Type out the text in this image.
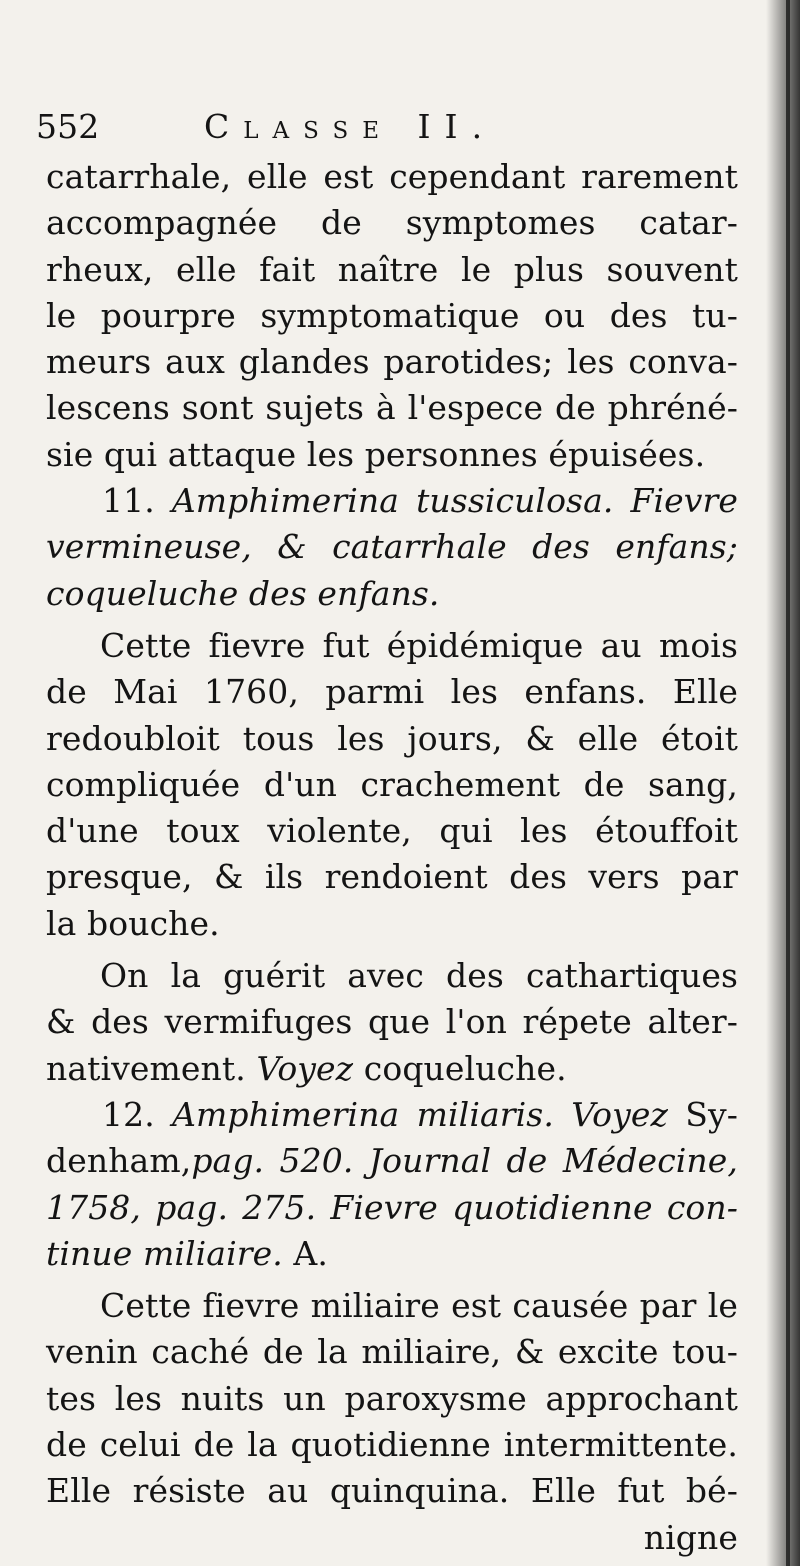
552	Classe II.
catarrhale, elle est cependant rarement
accompagnée de symptomes catar-
rheux, elle fait naître le plus souvent
le pourpre symptomatique ou des tu-
meurs aux glandes parotides; les conva-
lescens sont sujets à l'espece de phréné-
sie qui attaque les personnes épuisées.
11. Amphimerina tussiculosa. Fievre
vermineuse, & catarrhale des enfans;
coqueluche des enfans.
Cette fievre fut épidémique au mois
de Mai 1760, parmi les enfans. Elle
redoubloit tous les jours, & elle étoit
compliquée d'un crachement de sang,
d'une toux violente, qui les étouffoit
presque, & ils rendoient des vers par
la bouche.
On la guérit avec des cathartiques
& des vermifuges que l'on répete alter-
nativement. Voyez coqueluche.
12. Amphimerina miliaris. Voyez Sy-
denham,pag. 520. Journal de Médecine,
1758, pag. 275. Fievre quotidienne con-
tinue miliaire. A.
Cette fievre miliaire est causée par le
venin caché de la miliaire, & excite tou-
tes les nuits un paroxysme approchant
de celui de la quotidienne intermittente.
Elle résiste au quinquina. Elle fut bé-
nigne
